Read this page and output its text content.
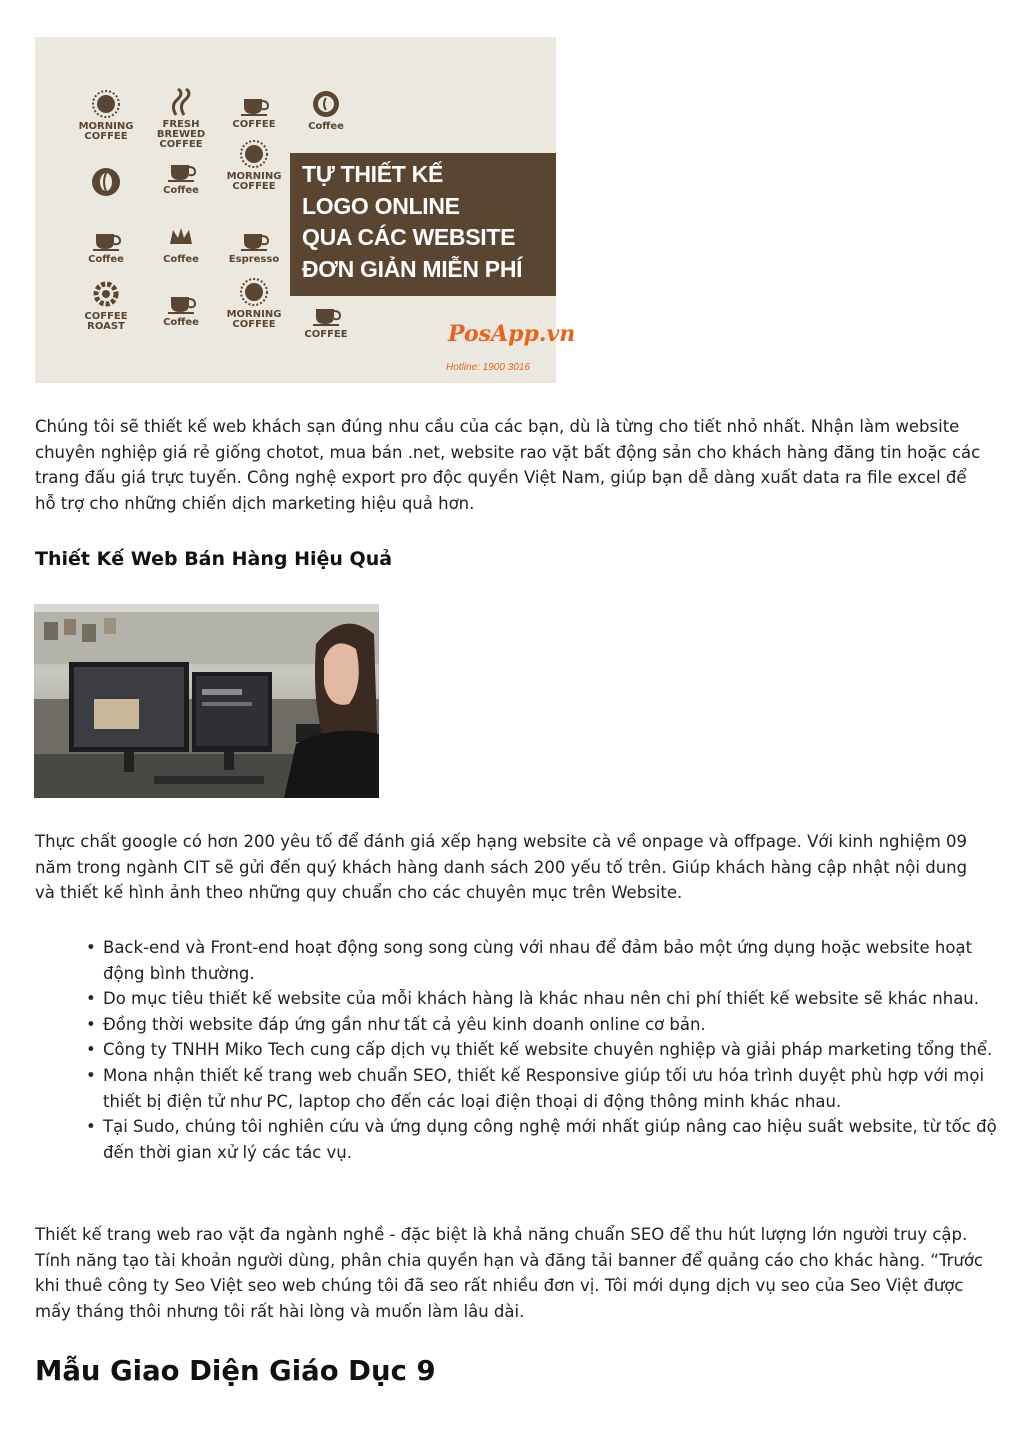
MORNING COFFEE
FRESH BREWED COFFEE
COFFEE	Coffee
Coffee
MORNING COFFEE
Coffee	Coffee	Espresso
COFFEE ROAST	Coffee
MORNING COFFEE
COFFEE
TỰ THIẾT KẾ
LOGO ONLINE
QUA CÁC WEBSITE
ĐƠN GIẢN MIỄN PHÍ
PosApp.vn
Hotline: 1900 3016

Chúng tôi sẽ thiết kế web khách sạn đúng nhu cầu của các bạn, dù là từng cho tiết nhỏ nhất. Nhận làm website chuyên nghiệp giá rẻ giống chotot, mua bán .net, website rao vặt bất động sản cho khách hàng đăng tin hoặc các trang đấu giá trực tuyến. Công nghệ export pro độc quyền Việt Nam, giúp bạn dễ dàng xuất data ra file excel để hỗ trợ cho những chiến dịch marketing hiệu quả hơn.

Thiết Kế Web Bán Hàng Hiệu Quả

Thực chất google có hơn 200 yêu tố để đánh giá xếp hạng website cà về onpage và offpage. Với kinh nghiệm 09 năm trong ngành CIT sẽ gửi đến quý khách hàng danh sách 200 yếu tố trên. Giúp khách hàng cập nhật nội dung và thiết kế hình ảnh theo những quy chuẩn cho các chuyên mục trên Website.

• Back-end và Front-end hoạt động song song cùng với nhau để đảm bảo một ứng dụng hoặc website hoạt động bình thường.
• Do mục tiêu thiết kế website của mỗi khách hàng là khác nhau nên chi phí thiết kế website sẽ khác nhau.
• Đồng thời website đáp ứng gần như tất cả yêu kinh doanh online cơ bản.
• Công ty TNHH Miko Tech cung cấp dịch vụ thiết kế website chuyên nghiệp và giải pháp marketing tổng thể.
• Mona nhận thiết kế trang web chuẩn SEO, thiết kế Responsive giúp tối ưu hóa trình duyệt phù hợp với mọi thiết bị điện tử như PC, laptop cho đến các loại điện thoại di động thông minh khác nhau.
• Tại Sudo, chúng tôi nghiên cứu và ứng dụng công nghệ mới nhất giúp nâng cao hiệu suất website, từ tốc độ đến thời gian xử lý các tác vụ.

Thiết kế trang web rao vặt đa ngành nghề - đặc biệt là khả năng chuẩn SEO để thu hút lượng lớn người truy cập. Tính năng tạo tài khoản người dùng, phân chia quyền hạn và đăng tải banner để quảng cáo cho khác hàng. “Trước khi thuê công ty Seo Việt seo web chúng tôi đã seo rất nhiều đơn vị. Tôi mới dụng dịch vụ seo của Seo Việt được mấy tháng thôi nhưng tôi rất hài lòng và muốn làm lâu dài.

Mẫu Giao Diện Giáo Dục 9
